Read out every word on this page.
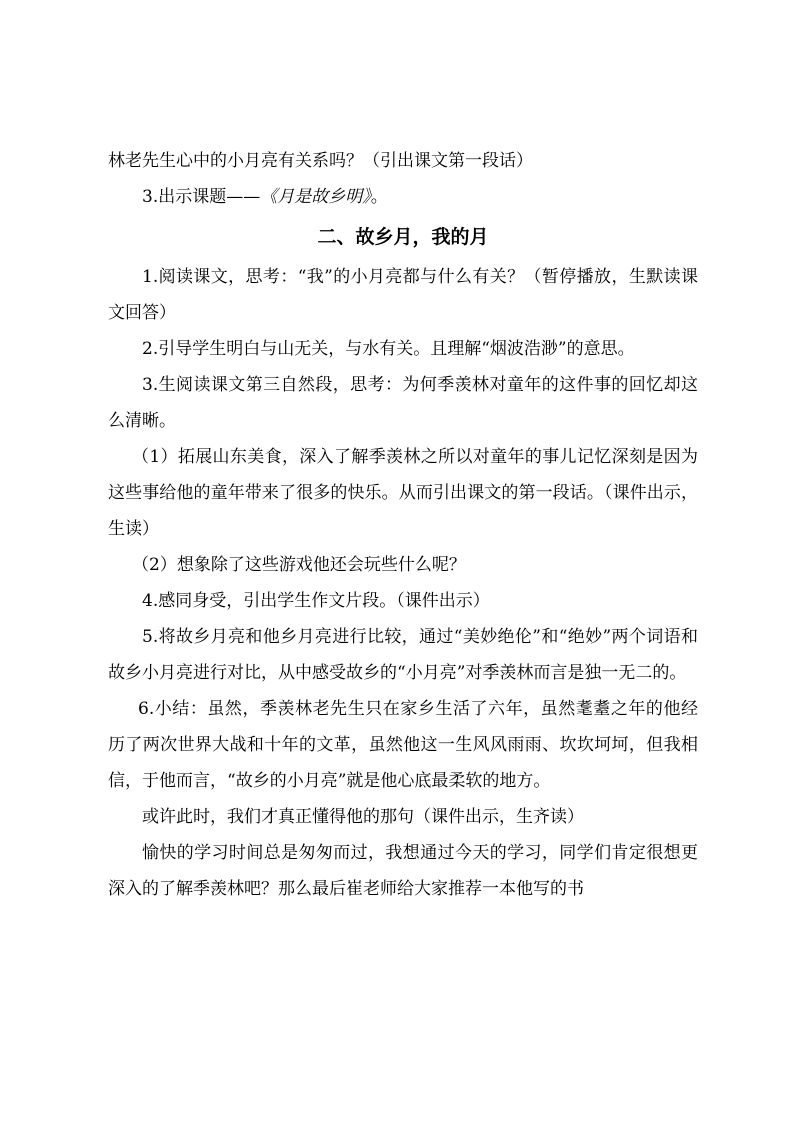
林老先生心中的小月亮有关系吗？（引出课文第一段话）

3.出示课题——《月是故乡明》。

二、故乡月，我的月

1.阅读课文，思考：“我”的小月亮都与什么有关？（暂停播放，生默读课文回答）

2.引导学生明白与山无关，与水有关。且理解“烟波浩渺”的意思。

3.生阅读课文第三自然段，思考：为何季羡林对童年的这件事的回忆却这么清晰。

（1）拓展山东美食，深入了解季羡林之所以对童年的事儿记忆深刻是因为这些事给他的童年带来了很多的快乐。从而引出课文的第一段话。（课件出示，生读）

（2）想象除了这些游戏他还会玩些什么呢？

4.感同身受，引出学生作文片段。（课件出示）

5.将故乡月亮和他乡月亮进行比较，通过“美妙绝伦”和“绝妙”两个词语和故乡小月亮进行对比，从中感受故乡的“小月亮”对季羡林而言是独一无二的。

6.小结：虽然，季羡林老先生只在家乡生活了六年，虽然耄耋之年的他经历了两次世界大战和十年的文革，虽然他这一生风风雨雨、坎坎坷坷，但我相信，于他而言，“故乡的小月亮”就是他心底最柔软的地方。

或许此时，我们才真正懂得他的那句（课件出示，生齐读）

愉快的学习时间总是匆匆而过，我想通过今天的学习，同学们肯定很想更深入的了解季羡林吧？那么最后崔老师给大家推荐一本他写的书
